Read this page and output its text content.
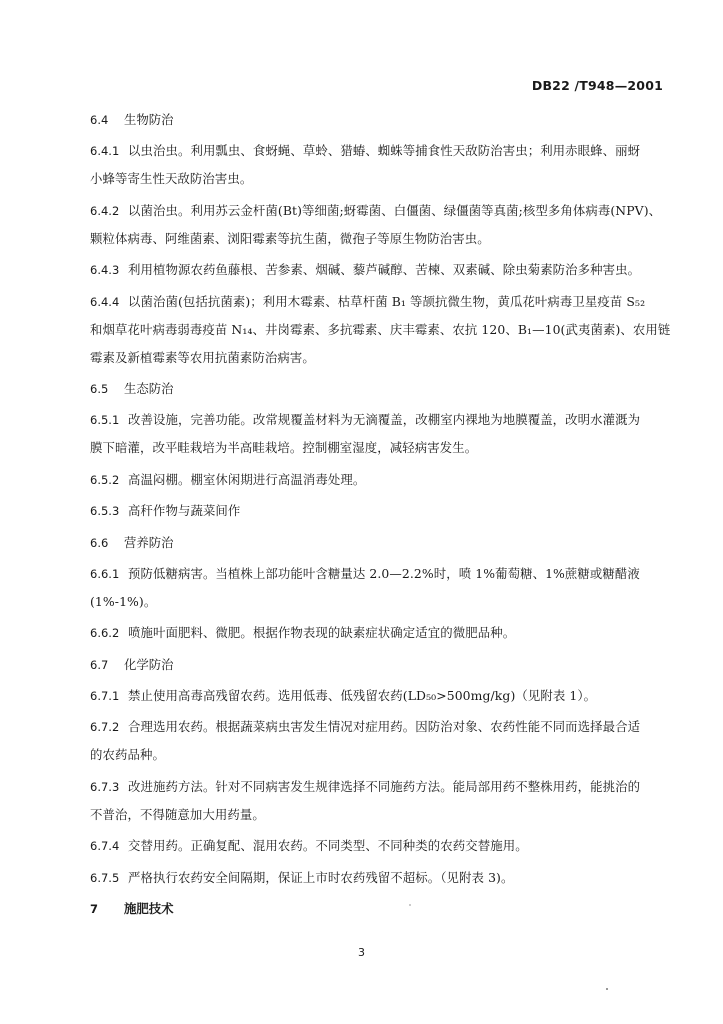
DB22 /T948—2001
6.4 生物防治
6.4.1 以虫治虫。利用瓢虫、食蚜蝇、草蛉、猎蝽、蜘蛛等捕食性天敌防治害虫；利用赤眼蜂、丽蚜
小蜂等寄生性天敌防治害虫。
6.4.2 以菌治虫。利用苏云金杆菌(Bt)等细菌;蚜霉菌、白僵菌、绿僵菌等真菌;核型多角体病毒(NPV)、
颗粒体病毒、阿维菌素、浏阳霉素等抗生菌，微孢子等原生物防治害虫。
6.4.3 利用植物源农药鱼藤根、苦参素、烟碱、藜芦碱醇、苦楝、双素碱、除虫菊素防治多种害虫。
6.4.4 以菌治菌(包括抗菌素)；利用木霉素、枯草杆菌 B₁ 等颉抗微生物，黄瓜花叶病毒卫星疫苗 S₅₂
和烟草花叶病毒弱毒疫苗 N₁₄、井岗霉素、多抗霉素、庆丰霉素、农抗 120、B₁—10(武夷菌素)、农用链
霉素及新植霉素等农用抗菌素防治病害。
6.5 生态防治
6.5.1 改善设施，完善功能。改常规覆盖材料为无滴覆盖，改棚室内裸地为地膜覆盖，改明水灌溉为
膜下暗灌，改平畦栽培为半高畦栽培。控制棚室湿度，减轻病害发生。
6.5.2 高温闷棚。棚室休闲期进行高温消毒处理。
6.5.3 高秆作物与蔬菜间作
6.6 营养防治
6.6.1 预防低糖病害。当植株上部功能叶含糖量达 2.0—2.2%时，喷 1%葡萄糖、1%蔗糖或糖醋液
(1%-1%)。
6.6.2 喷施叶面肥料、微肥。根据作物表现的缺素症状确定适宜的微肥品种。
6.7 化学防治
6.7.1 禁止使用高毒高残留农药。选用低毒、低残留农药(LD₅₀>500mg/kg)（见附表 1）。
6.7.2 合理选用农药。根据蔬菜病虫害发生情况对症用药。因防治对象、农药性能不同而选择最合适
的农药品种。
6.7.3 改进施药方法。针对不同病害发生规律选择不同施药方法。能局部用药不整株用药，能挑治的
不普治，不得随意加大用药量。
6.7.4 交替用药。正确复配、混用农药。不同类型、不同种类的农药交替施用。
6.7.5 严格执行农药安全间隔期，保证上市时农药残留不超标。（见附表 3)。
7 施肥技术
3
